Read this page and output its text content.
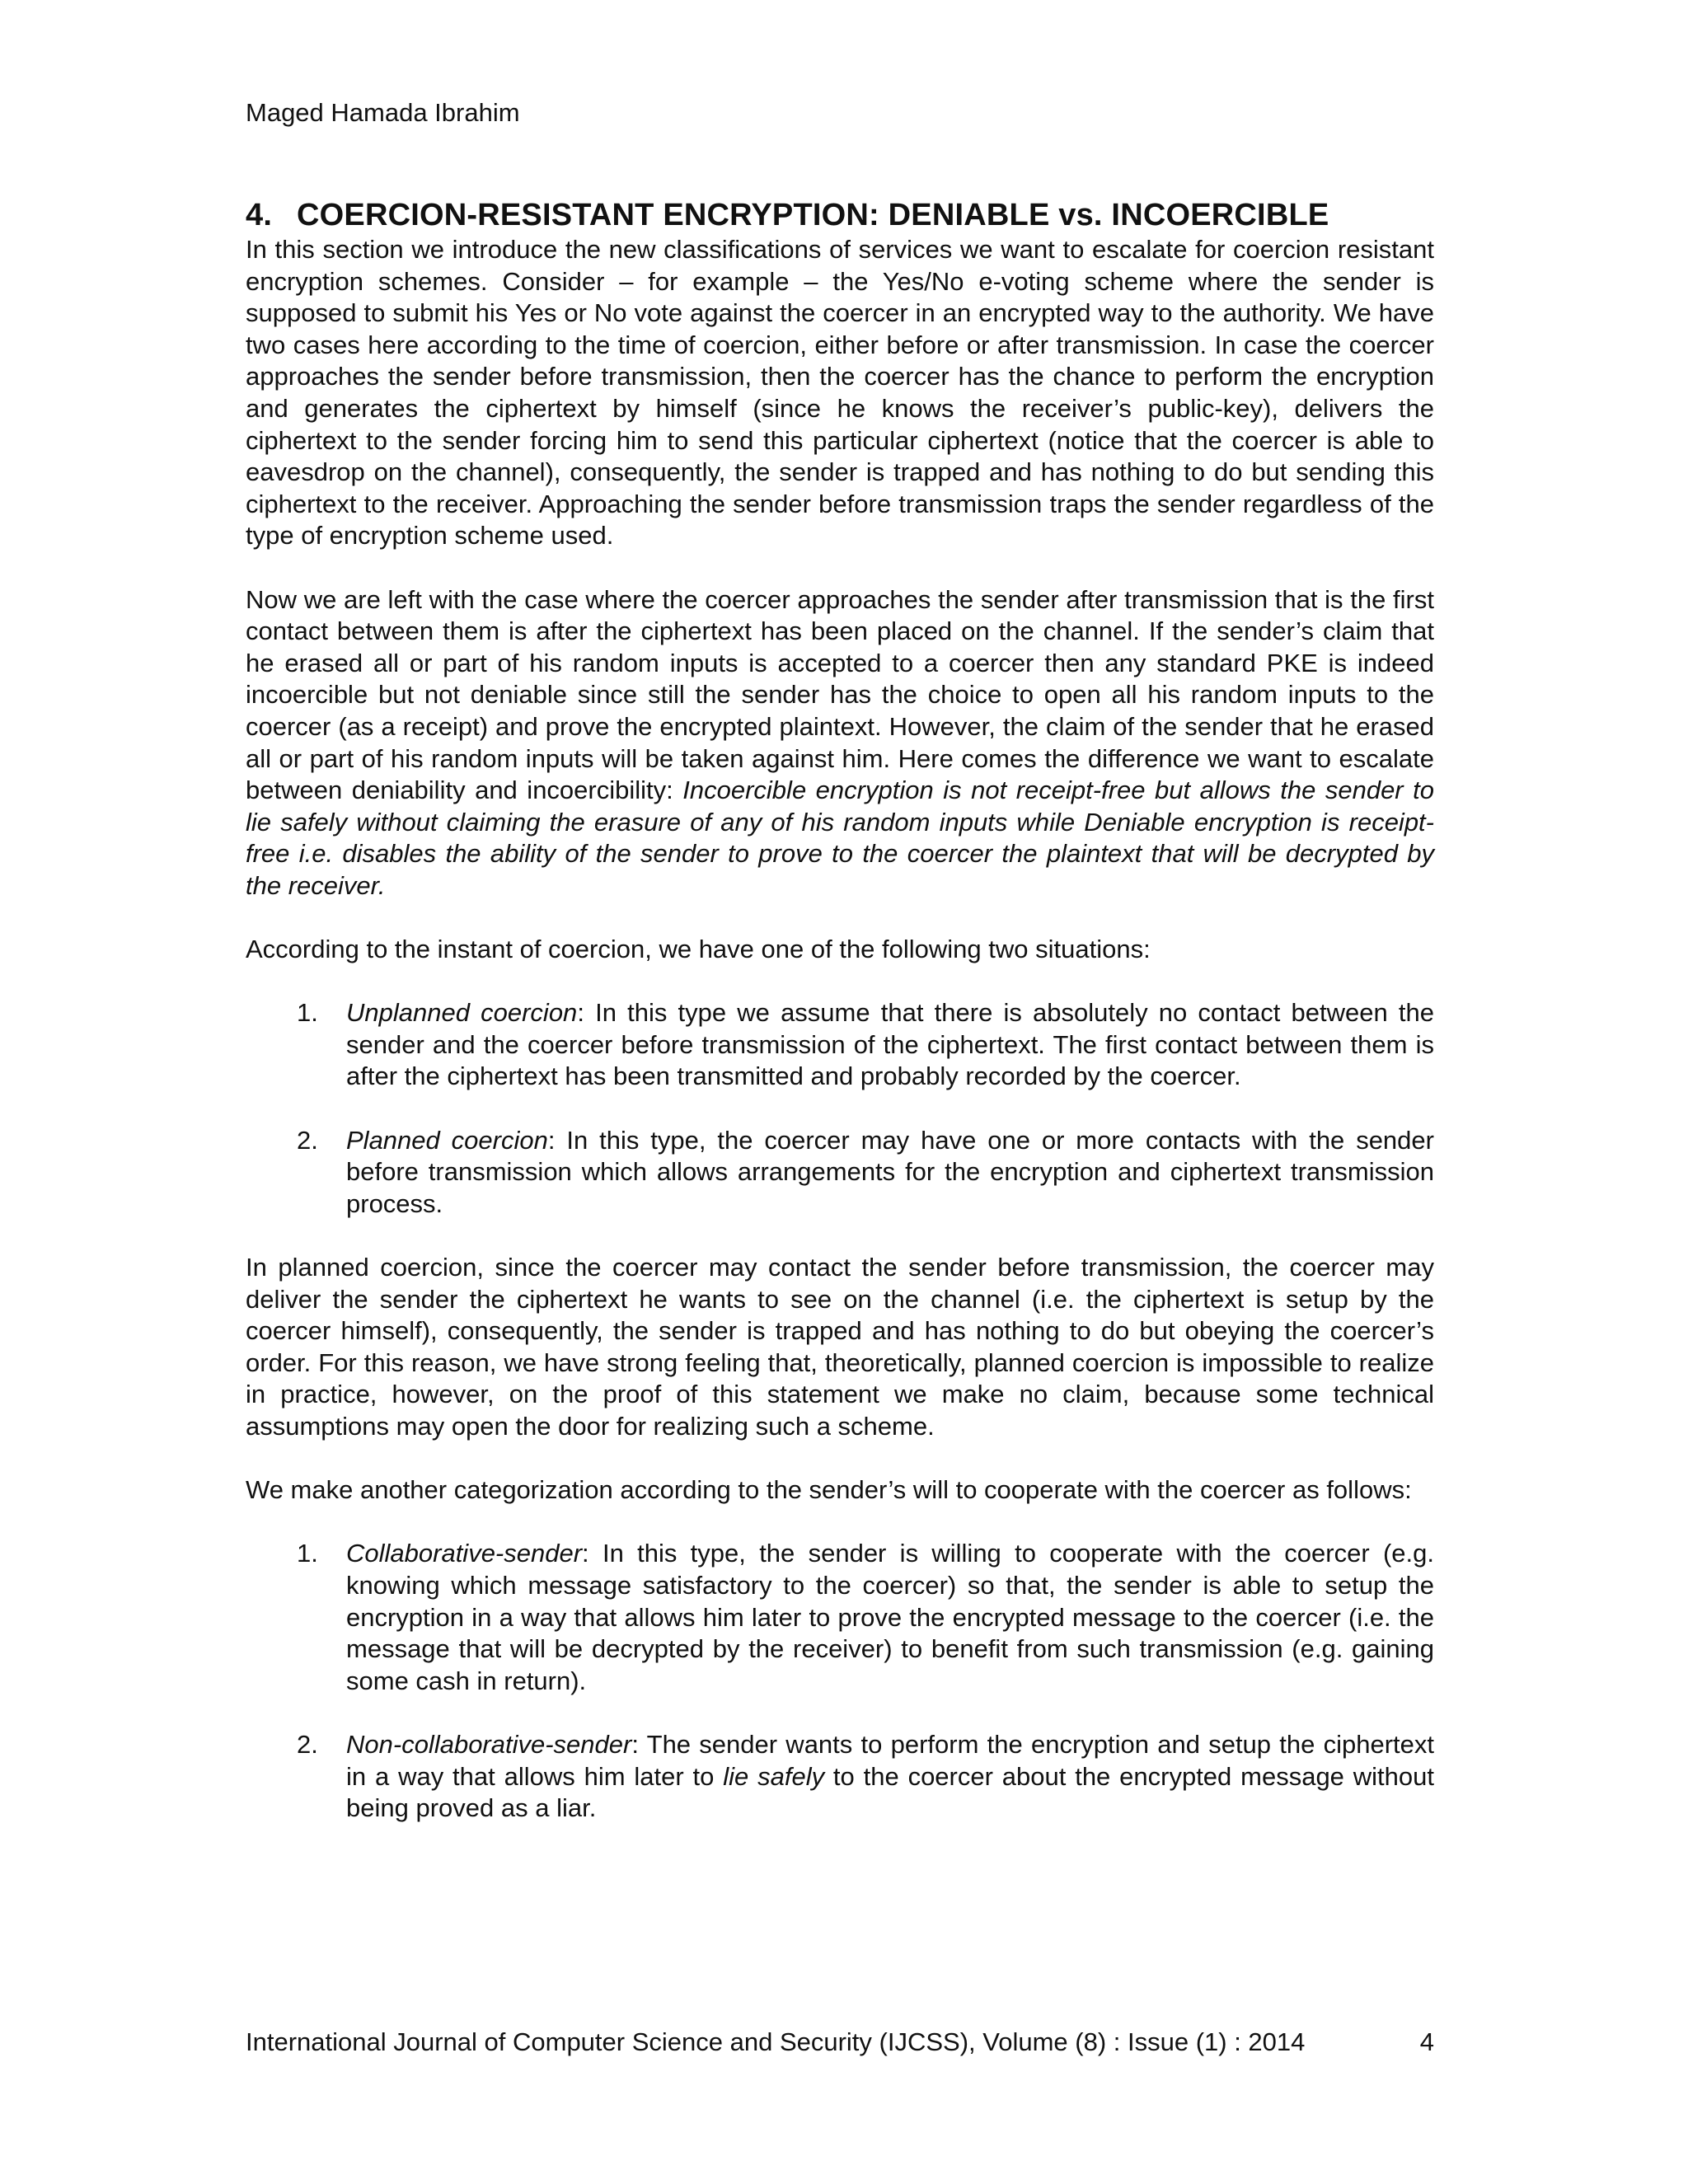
Maged Hamada Ibrahim
4. COERCION-RESISTANT ENCRYPTION: DENIABLE vs. INCOERCIBLE

In this section we introduce the new classifications of services we want to escalate for coercion resistant encryption schemes. Consider – for example – the Yes/No e-voting scheme where the sender is supposed to submit his Yes or No vote against the coercer in an encrypted way to the authority. We have two cases here according to the time of coercion, either before or after transmission. In case the coercer approaches the sender before transmission, then the coercer has the chance to perform the encryption and generates the ciphertext by himself (since he knows the receiver’s public-key), delivers the ciphertext to the sender forcing him to send this particular ciphertext (notice that the coercer is able to eavesdrop on the channel), consequently, the sender is trapped and has nothing to do but sending this ciphertext to the receiver. Approaching the sender before transmission traps the sender regardless of the type of encryption scheme used.

Now we are left with the case where the coercer approaches the sender after transmission that is the first contact between them is after the ciphertext has been placed on the channel. If the sender’s claim that he erased all or part of his random inputs is accepted to a coercer then any standard PKE is indeed incoercible but not deniable since still the sender has the choice to open all his random inputs to the coercer (as a receipt) and prove the encrypted plaintext. However, the claim of the sender that he erased all or part of his random inputs will be taken against him. Here comes the difference we want to escalate between deniability and incoercibility: Incoercible encryption is not receipt-free but allows the sender to lie safely without claiming the erasure of any of his random inputs while Deniable encryption is receipt-free i.e. disables the ability of the sender to prove to the coercer the plaintext that will be decrypted by the receiver.

According to the instant of coercion, we have one of the following two situations:

1. Unplanned coercion: In this type we assume that there is absolutely no contact between the sender and the coercer before transmission of the ciphertext. The first contact between them is after the ciphertext has been transmitted and probably recorded by the coercer.
2. Planned coercion: In this type, the coercer may have one or more contacts with the sender before transmission which allows arrangements for the encryption and ciphertext transmission process.

In planned coercion, since the coercer may contact the sender before transmission, the coercer may deliver the sender the ciphertext he wants to see on the channel (i.e. the ciphertext is setup by the coercer himself), consequently, the sender is trapped and has nothing to do but obeying the coercer’s order. For this reason, we have strong feeling that, theoretically, planned coercion is impossible to realize in practice, however, on the proof of this statement we make no claim, because some technical assumptions may open the door for realizing such a scheme.

We make another categorization according to the sender’s will to cooperate with the coercer as follows:

1. Collaborative-sender: In this type, the sender is willing to cooperate with the coercer (e.g. knowing which message satisfactory to the coercer) so that, the sender is able to setup the encryption in a way that allows him later to prove the encrypted message to the coercer (i.e. the message that will be decrypted by the receiver) to benefit from such transmission (e.g. gaining some cash in return).
2. Non-collaborative-sender: The sender wants to perform the encryption and setup the ciphertext in a way that allows him later to lie safely to the coercer about the encrypted message without being proved as a liar.
International Journal of Computer Science and Security (IJCSS), Volume (8) : Issue (1) : 2014	4
